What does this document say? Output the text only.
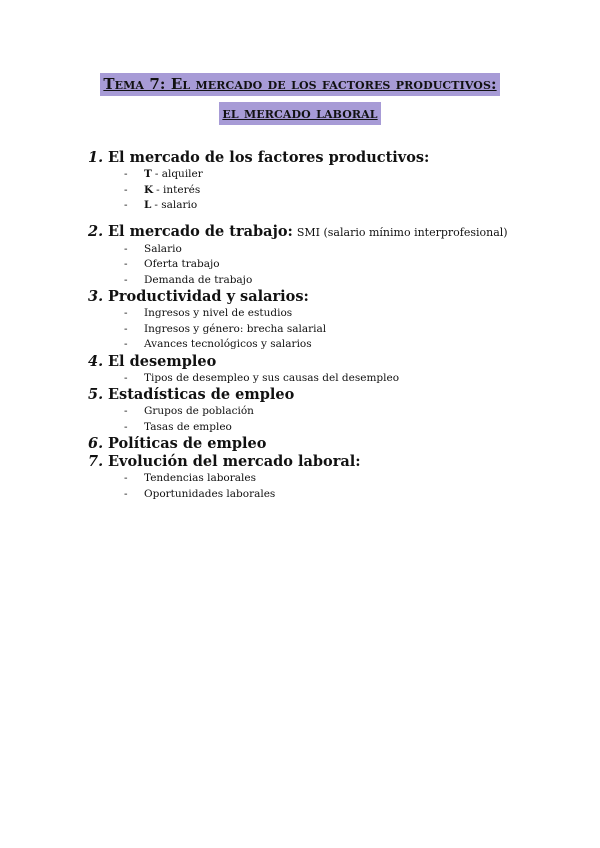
Tema 7: El mercado de los factores productivos:
el mercado laboral
1. El mercado de los factores productivos:
-	T - alquiler
-	K - interés
-	L - salario
2. El mercado de trabajo: SMI (salario mínimo interprofesional)
-	Salario
-	Oferta trabajo
-	Demanda de trabajo
3. Productividad y salarios:
-	Ingresos y nivel de estudios
-	Ingresos y género: brecha salarial
-	Avances tecnológicos y salarios
4. El desempleo
-	Tipos de desempleo y sus causas del desempleo
5. Estadísticas de empleo
-	Grupos de población
-	Tasas de empleo
6. Políticas de empleo
7. Evolución del mercado laboral:
-	Tendencias laborales
-	Oportunidades laborales
